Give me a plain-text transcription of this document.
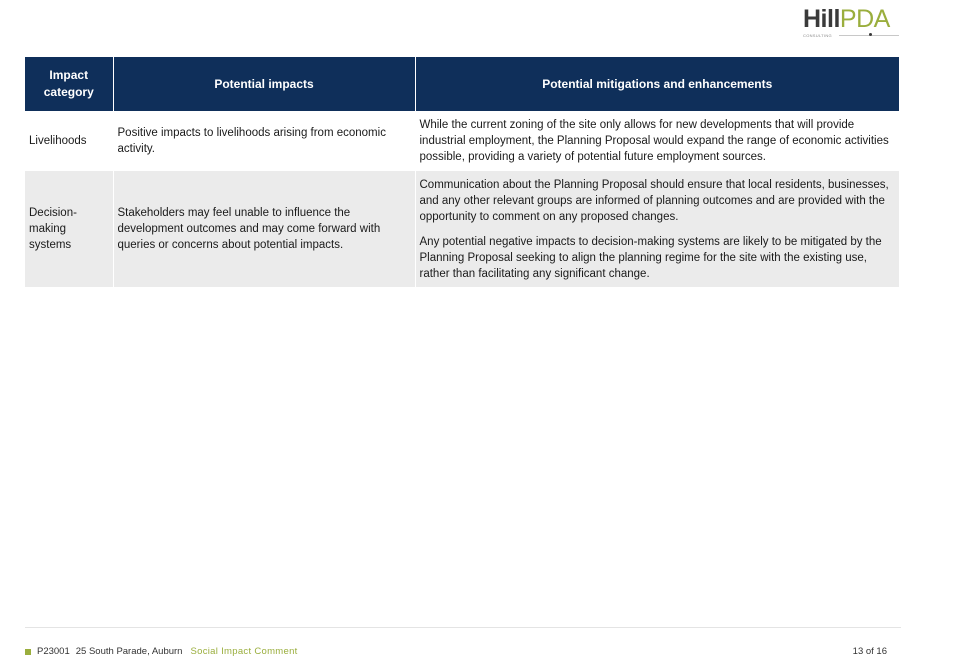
HillPDA
CONSULTING
Impact category	Potential impacts	Potential mitigations and enhancements
Livelihoods	Positive impacts to livelihoods arising from economic activity.	While the current zoning of the site only allows for new developments that will provide industrial employment, the Planning Proposal would expand the range of economic activities possible, providing a variety of potential future employment sources.

Decision-making systems	Stakeholders may feel unable to influence the development outcomes and may come forward with queries or concerns about potential impacts.	Communication about the Planning Proposal should ensure that local residents, businesses, and any other relevant groups are informed of planning outcomes and are provided with the opportunity to comment on any proposed changes.

Any potential negative impacts to decision-making systems are likely to be mitigated by the Planning Proposal seeking to align the planning regime for the site with the existing use, rather than facilitating any significant change.

P23001 25 South Parade, Auburn Social Impact Comment	13 of 16
